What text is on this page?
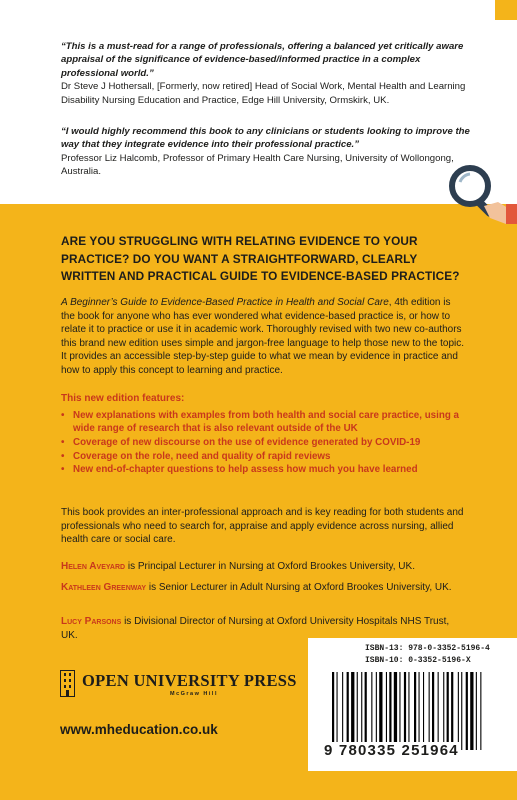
“This is a must-read for a range of professionals, offering a balanced yet critically aware appraisal of the significance of evidence-based/informed practice in a complex professional world.”
Dr Steve J Hothersall, [Formerly, now retired] Head of Social Work, Mental Health and Learning Disability Nursing Education and Practice, Edge Hill University, Ormskirk, UK.
“I would highly recommend this book to any clinicians or students looking to improve the way that they integrate evidence into their professional practice.”
Professor Liz Halcomb, Professor of Primary Health Care Nursing, University of Wollongong, Australia.
ARE YOU STRUGGLING WITH RELATING EVIDENCE TO YOUR PRACTICE? DO YOU WANT A STRAIGHTFORWARD, CLEARLY WRITTEN AND PRACTICAL GUIDE TO EVIDENCE-BASED PRACTICE?
A Beginner’s Guide to Evidence-Based Practice in Health and Social Care, 4th edition is the book for anyone who has ever wondered what evidence-based practice is, or how to relate it to practice or use it in academic work. Thoroughly revised with two new co-authors this brand new edition uses simple and jargon-free language to help those new to the topic. It provides an accessible step-by-step guide to what we mean by evidence in practice and how to apply this concept to learning and practice.
This new edition features:
• New explanations with examples from both health and social care practice, using a wide range of research that is also relevant outside of the UK
• Coverage of new discourse on the use of evidence generated by COVID-19
• Coverage on the role, need and quality of rapid reviews
• New end-of-chapter questions to help assess how much you have learned
This book provides an inter-professional approach and is key reading for both students and professionals who need to search for, appraise and apply evidence across nursing, allied health care or social care.
Helen Aveyard is Principal Lecturer in Nursing at Oxford Brookes University, UK.
Kathleen Greenway is Senior Lecturer in Adult Nursing at Oxford Brookes University, UK.
Lucy Parsons is Divisional Director of Nursing at Oxford University Hospitals NHS Trust, UK.
OPEN UNIVERSITY PRESS
McGraw Hill
www.mheducation.co.uk
ISBN-13: 978-0-3352-5196-4
ISBN-10: 0-3352-5196-X
9 780335 251964
